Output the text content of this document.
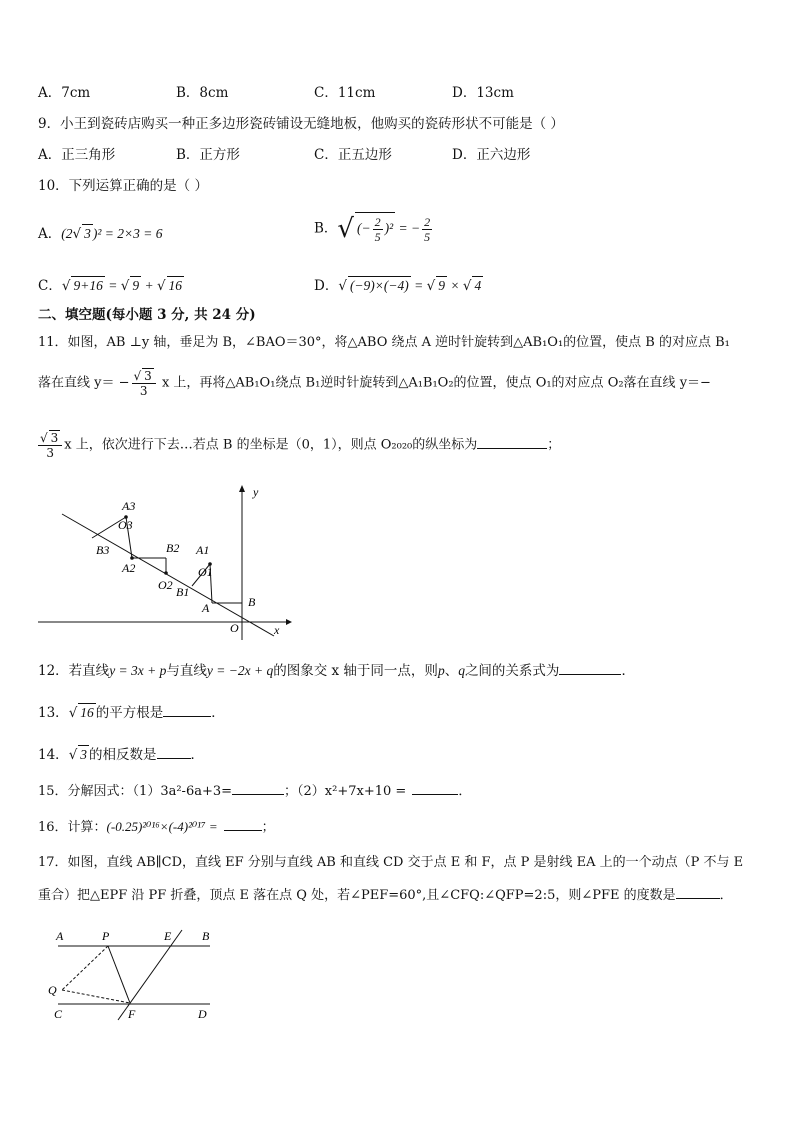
A．7cm	B．8cm	C．11cm	D．13cm
9．小王到瓷砖店购买一种正多边形瓷砖铺设无缝地板，他购买的瓷砖形状不可能是（ ）
A．正三角形	B．正方形	C．正五边形	D．正六边形
10．下列运算正确的是（ ）
A．(2√ 3 )² = 2×3 = 6	B．√ (− $\frac{2}{5} )^2$ = − $\frac{2}{5}$
C．√ 9+16 = √ 9 + √ 16	D．√ (−9)×(−4) = √ 9 × √ 4
二、填空题(每小题 3 分, 共 24 分)
11．如图，AB ⊥y 轴，垂足为 B，∠BAO＝30°，将△ABO 绕点 A 逆时针旋转到△AB₁O₁的位置，使点 B 的对应点 B₁
落在直线 $y= - \frac{√ 3}{3}$ x 上，再将△AB₁O₁绕点 B₁逆时针旋转到△A₁B₁O₂的位置，使点 O₁的对应点 O₂落在直线 y＝−
$\frac{√ 3}{3}$ x 上，依次进行下去…若点 B 的坐标是（0，1），则点 O₂₀₂₀的纵坐标为	；
A3
O3
B3	B2 A1
A2	O1
O2 B1
A	B
O	x
y
12．若直线y = 3x + p与直线y = −2x + q的图象交 x 轴于同一点，则p、q之间的关系式为	．
13．√ 16 的平方根是	．
14．√ 3 的相反数是	．
15．分解因式：（1）3a²-6a+3=	；（2）x²+7x+10 =	．
16．计算：(-0.25)²⁰¹⁶×(-4)²⁰¹⁷ =	；
17．如图，直线 AB∥CD，直线 EF 分别与直线 AB 和直线 CD 交于点 E 和 F，点 P 是射线 EA 上的一个动点（P 不与 E
重合）把△EPF 沿 PF 折叠，顶点 E 落在点 Q 处，若∠PEF=60°,且∠CFQ:∠QFP=2:5，则∠PFE 的度数是	．
A	P	E	B
Q
C	F	D
